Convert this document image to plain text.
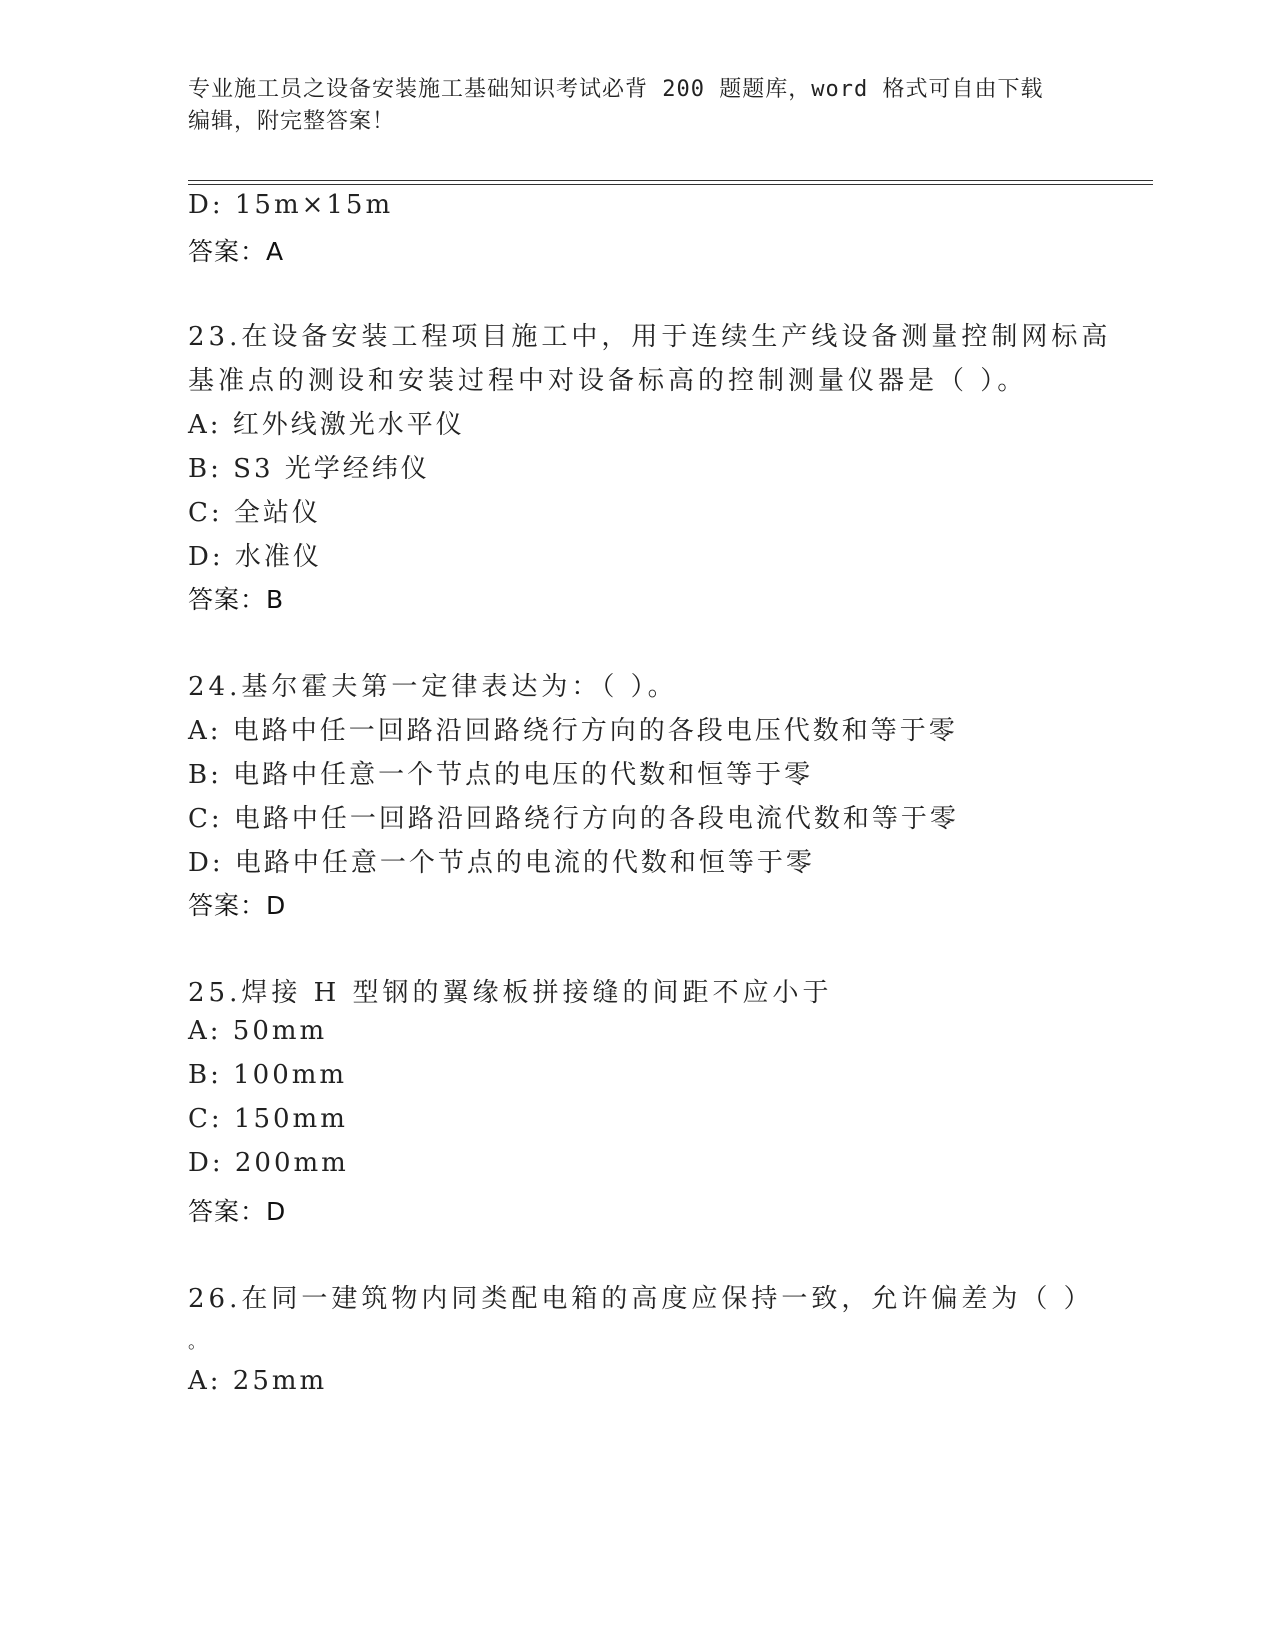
专业施工员之设备安装施工基础知识考试必背 200 题题库，word 格式可自由下载
编辑，附完整答案！
D: 15m×15m
答案：A
23.在设备安装工程项目施工中，用于连续生产线设备测量控制网标高
基准点的测设和安装过程中对设备标高的控制测量仪器是（ ）。
A: 红外线激光水平仪
B: S3 光学经纬仪
C: 全站仪
D: 水准仪
答案：B
24.基尔霍夫第一定律表达为：（ ）。
A: 电路中任一回路沿回路绕行方向的各段电压代数和等于零
B: 电路中任意一个节点的电压的代数和恒等于零
C: 电路中任一回路沿回路绕行方向的各段电流代数和等于零
D: 电路中任意一个节点的电流的代数和恒等于零
答案：D
25.焊接 H 型钢的翼缘板拼接缝的间距不应小于
A: 50mm
B: 100mm
C: 150mm
D: 200mm
答案：D
26.在同一建筑物内同类配电箱的高度应保持一致，允许偏差为（ ）
。
A: 25mm
